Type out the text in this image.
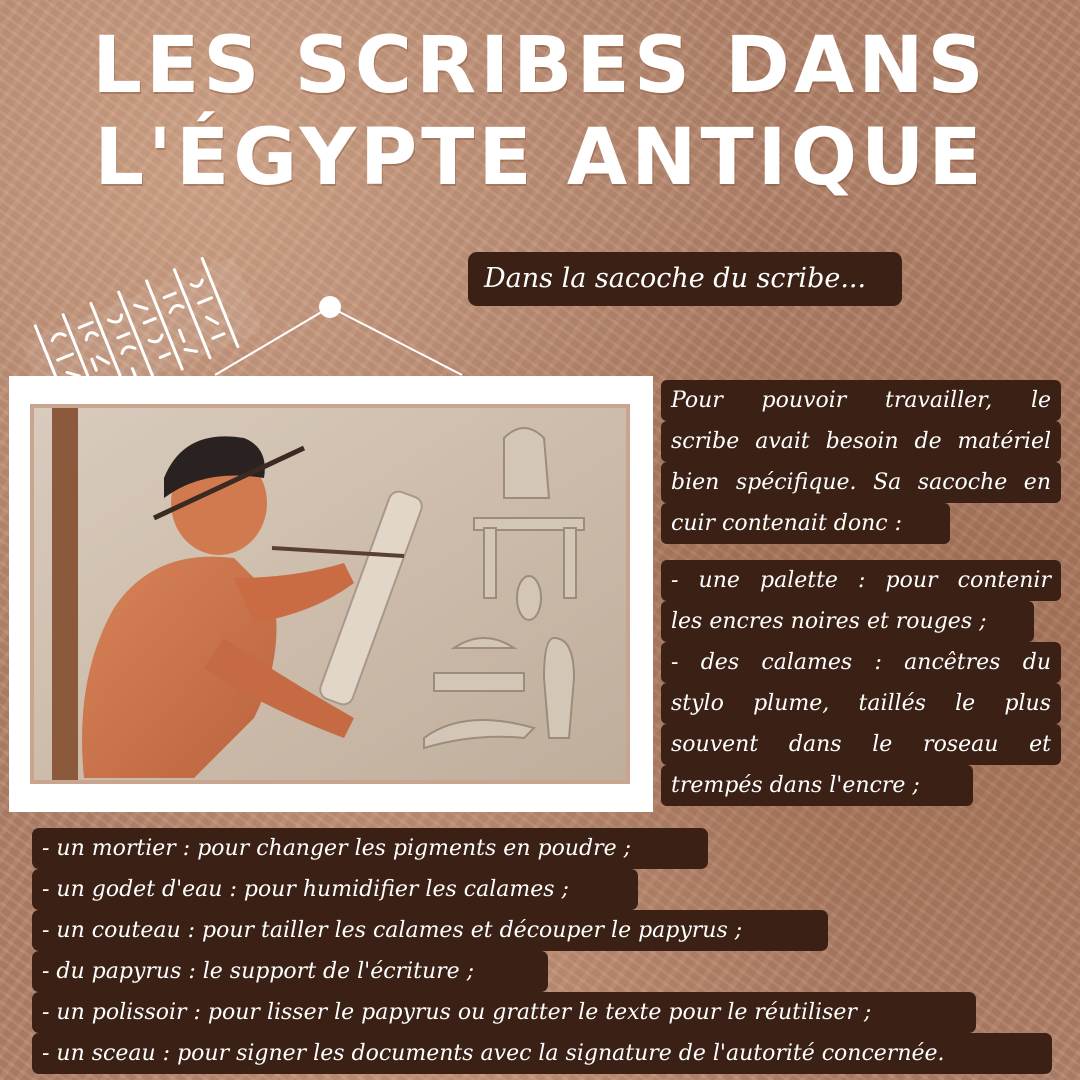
LES SCRIBES DANS
L'ÉGYPTE ANTIQUE
Dans la sacoche du scribe...
Pour pouvoir travailler, le
scribe avait besoin de matériel
bien spécifique. Sa sacoche en
cuir contenait donc :
- une palette : pour contenir
les encres noires et rouges ;
- des calames : ancêtres du
stylo plume, taillés le plus
souvent dans le roseau et
trempés dans l'encre ;
- un mortier : pour changer les pigments en poudre ;
- un godet d'eau : pour humidifier les calames ;
- un couteau : pour tailler les calames et découper le papyrus ;
- du papyrus : le support de l'écriture ;
- un polissoir : pour lisser le papyrus ou gratter le texte pour le réutiliser ;
- un sceau : pour signer les documents avec la signature de l'autorité concernée.
